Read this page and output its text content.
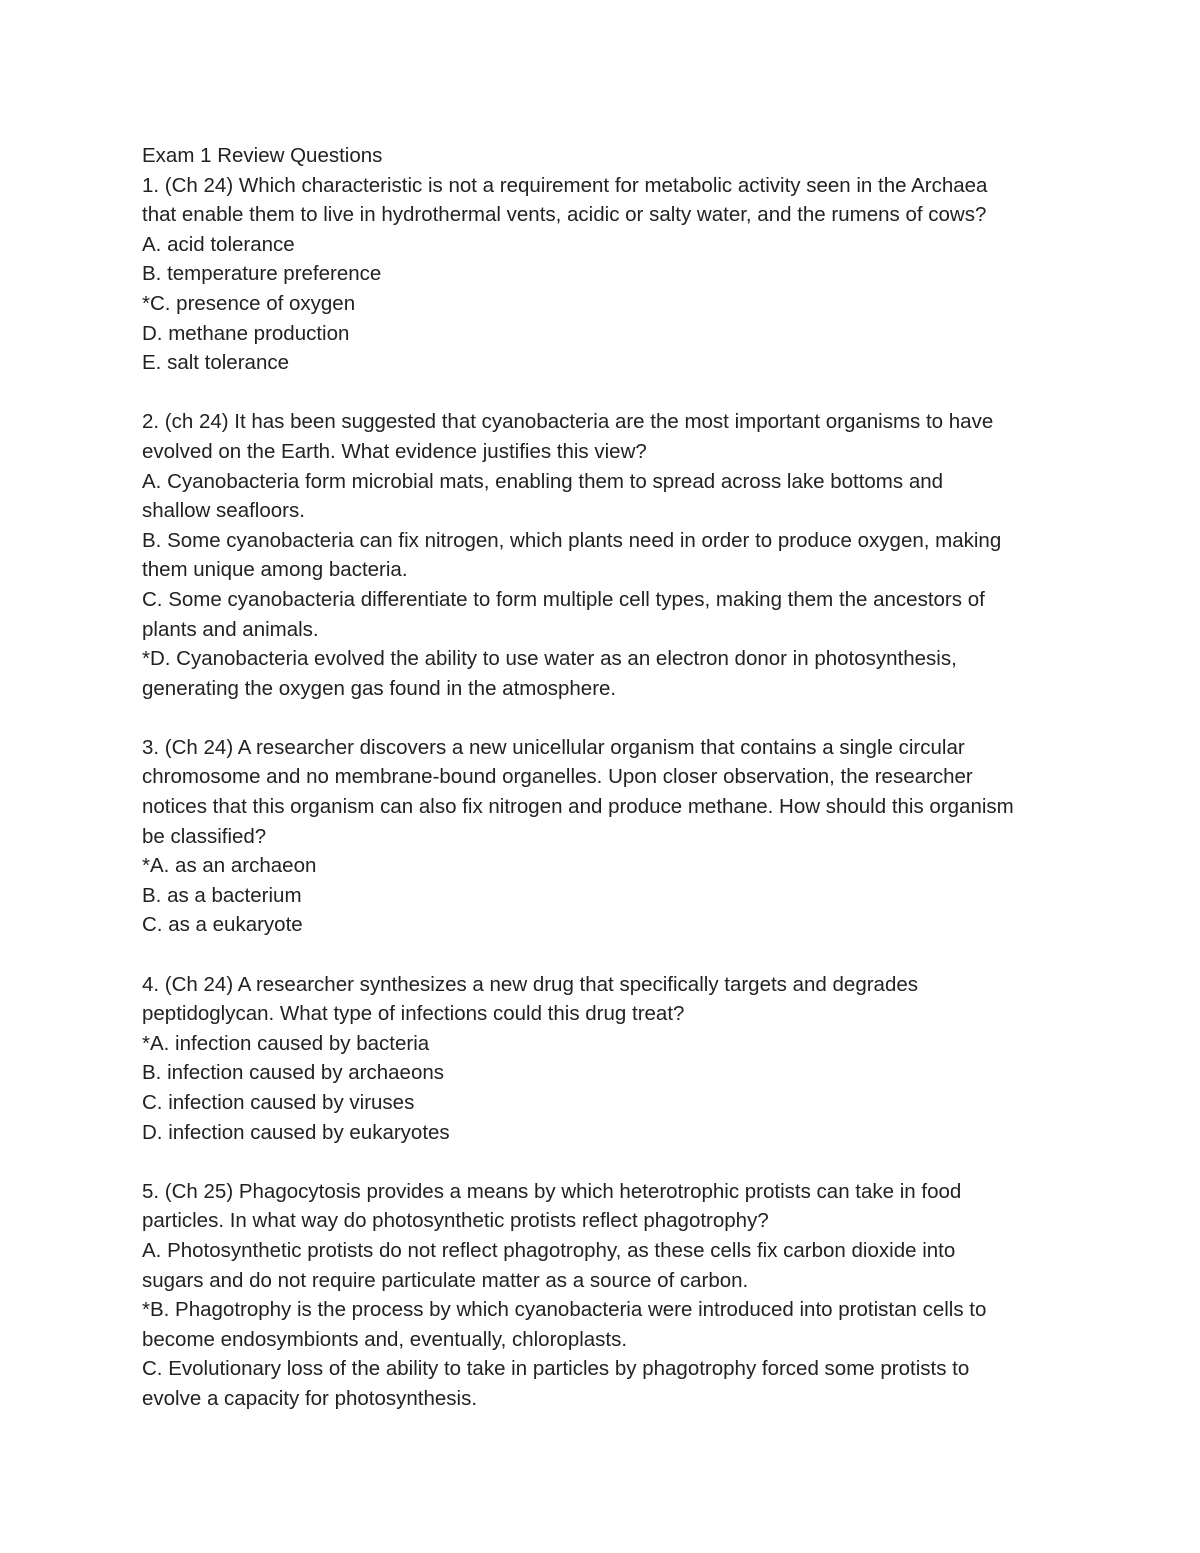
Exam 1 Review Questions
1. (Ch 24) Which characteristic is not a requirement for metabolic activity seen in the Archaea
that enable them to live in hydrothermal vents, acidic or salty water, and the rumens of cows?
A. acid tolerance
B. temperature preference
*C. presence of oxygen
D. methane production
E. salt tolerance
2. (ch 24) It has been suggested that cyanobacteria are the most important organisms to have
evolved on the Earth. What evidence justifies this view?
A. Cyanobacteria form microbial mats, enabling them to spread across lake bottoms and
shallow seafloors.
B. Some cyanobacteria can fix nitrogen, which plants need in order to produce oxygen, making
them unique among bacteria.
C. Some cyanobacteria differentiate to form multiple cell types, making them the ancestors of
plants and animals.
*D. Cyanobacteria evolved the ability to use water as an electron donor in photosynthesis,
generating the oxygen gas found in the atmosphere.
3. (Ch 24) A researcher discovers a new unicellular organism that contains a single circular
chromosome and no membrane-bound organelles. Upon closer observation, the researcher
notices that this organism can also fix nitrogen and produce methane. How should this organism
be classified?
*A. as an archaeon
B. as a bacterium
C. as a eukaryote
4. (Ch 24) A researcher synthesizes a new drug that specifically targets and degrades
peptidoglycan. What type of infections could this drug treat?
*A. infection caused by bacteria
B. infection caused by archaeons
C. infection caused by viruses
D. infection caused by eukaryotes
5. (Ch 25) Phagocytosis provides a means by which heterotrophic protists can take in food
particles. In what way do photosynthetic protists reflect phagotrophy?
A. Photosynthetic protists do not reflect phagotrophy, as these cells fix carbon dioxide into
sugars and do not require particulate matter as a source of carbon.
*B. Phagotrophy is the process by which cyanobacteria were introduced into protistan cells to
become endosymbionts and, eventually, chloroplasts.
C. Evolutionary loss of the ability to take in particles by phagotrophy forced some protists to
evolve a capacity for photosynthesis.
